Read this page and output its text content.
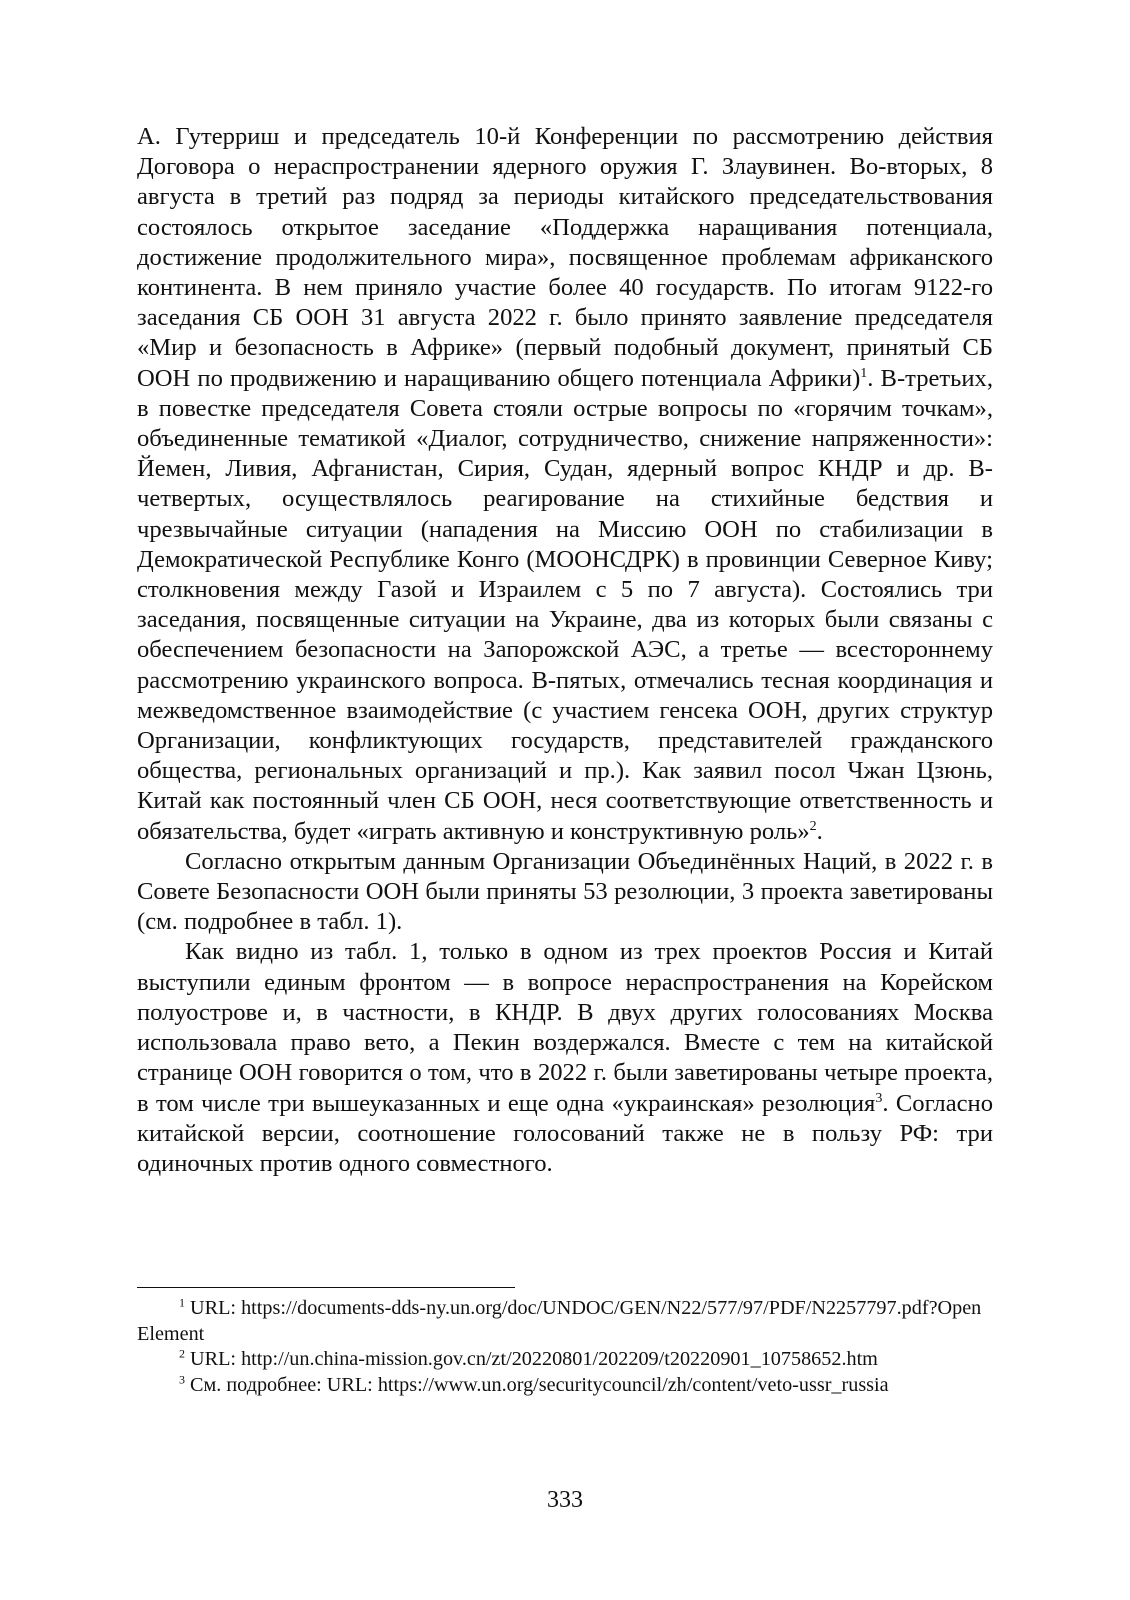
А. Гутерриш и председатель 10-й Конференции по рассмотрению действия Договора о нераспространении ядерного оружия Г. Злаувинен. Во-вторых, 8 августа в третий раз подряд за периоды китайского председательствования состоялось открытое заседание «Поддержка наращивания потенциала, достижение продолжительного мира», посвященное проблемам африканского континента. В нем приняло участие более 40 государств. По итогам 9122-го заседания СБ ООН 31 августа 2022 г. было принято заявление председателя «Мир и безопасность в Африке» (первый подобный документ, принятый СБ ООН по продвижению и наращиванию общего потенциала Африки)$^1$. В-третьих, в повестке председателя Совета стояли острые вопросы по «горячим точкам», объединенные тематикой «Диалог, сотрудничество, снижение напряженности»: Йемен, Ливия, Афганистан, Сирия, Судан, ядерный вопрос КНДР и др. В-четвертых, осуществлялось реагирование на стихийные бедствия и чрезвычайные ситуации (нападения на Миссию ООН по стабилизации в Демократической Республике Конго (МООНСДРК) в провинции Северное Киву; столкновения между Газой и Израилем с 5 по 7 августа). Состоялись три заседания, посвященные ситуации на Украине, два из которых были связаны с обеспечением безопасности на Запорожской АЭС, а третье — всестороннему рассмотрению украинского вопроса. В-пятых, отмечались тесная координация и межведомственное взаимодействие (с участием генсека ООН, других структур Организации, конфликтующих государств, представителей гражданского общества, региональных организаций и пр.). Как заявил посол Чжан Цзюнь, Китай как постоянный член СБ ООН, неся соответствующие ответственность и обязательства, будет «играть активную и конструктивную роль»$^2$.

Согласно открытым данным Организации Объединённых Наций, в 2022 г. в Совете Безопасности ООН были приняты 53 резолюции, 3 проекта заветированы (см. подробнее в табл. 1).

Как видно из табл. 1, только в одном из трех проектов Россия и Китай выступили единым фронтом — в вопросе нераспространения на Корейском полуострове и, в частности, в КНДР. В двух других голосованиях Москва использовала право вето, а Пекин воздержался. Вместе с тем на китайской странице ООН говорится о том, что в 2022 г. были заветированы четыре проекта, в том числе три вышеуказанных и еще одна «украинская» резолюция$^3$. Согласно китайской версии, соотношение голосований также не в пользу РФ: три одиночных против одного совместного.

$^1$ URL: https://documents-dds-ny.un.org/doc/UNDOC/GEN/N22/577/97/PDF/N2257797.pdf?OpenElement

$^2$ URL: http://un.china-mission.gov.cn/zt/20220801/202209/t20220901_10758652.htm

$^3$ См. подробнее: URL: https://www.un.org/securitycouncil/zh/content/veto-ussr_russia

333
